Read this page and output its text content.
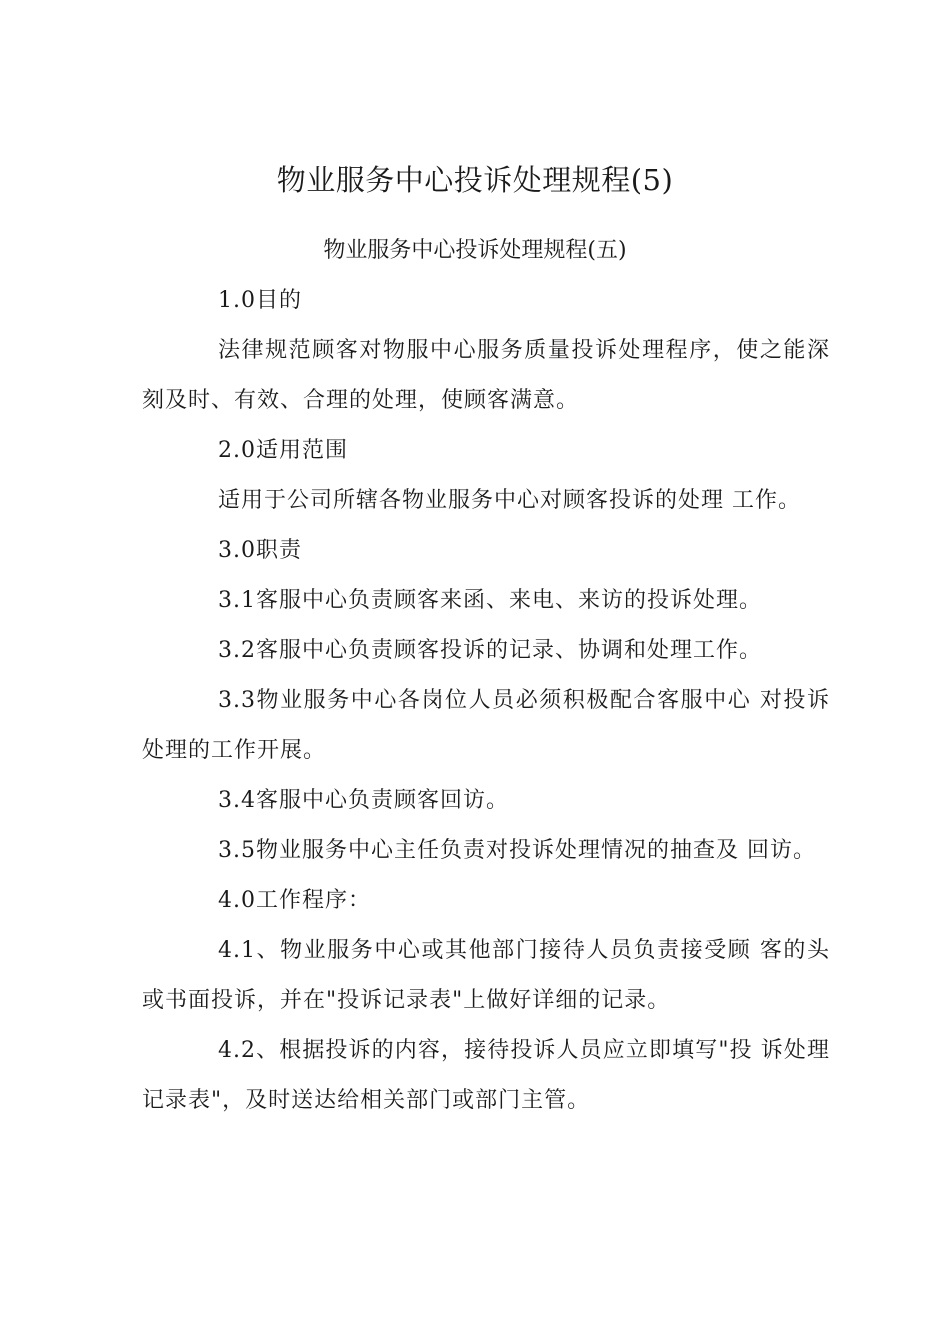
物业服务中心投诉处理规程(5)
物业服务中心投诉处理规程(五)

1.0目的

法律规范顾客对物服中心服务质量投诉处理程序，使之能深刻及时、有效、合理的处理，使顾客满意。

2.0适用范围

适用于公司所辖各物业服务中心对顾客投诉的处理 工作。

3.0职责

3.1客服中心负责顾客来函、来电、来访的投诉处理。

3.2客服中心负责顾客投诉的记录、协调和处理工作。

3.3物业服务中心各岗位人员必须积极配合客服中心 对投诉处理的工作开展。

3.4客服中心负责顾客回访。

3.5物业服务中心主任负责对投诉处理情况的抽查及 回访。

4.0工作程序：

4.1、物业服务中心或其他部门接待人员负责接受顾 客的头或书面投诉，并在"投诉记录表"上做好详细的记录。

4.2、根据投诉的内容，接待投诉人员应立即填写"投 诉处理记录表"，及时送达给相关部门或部门主管。
